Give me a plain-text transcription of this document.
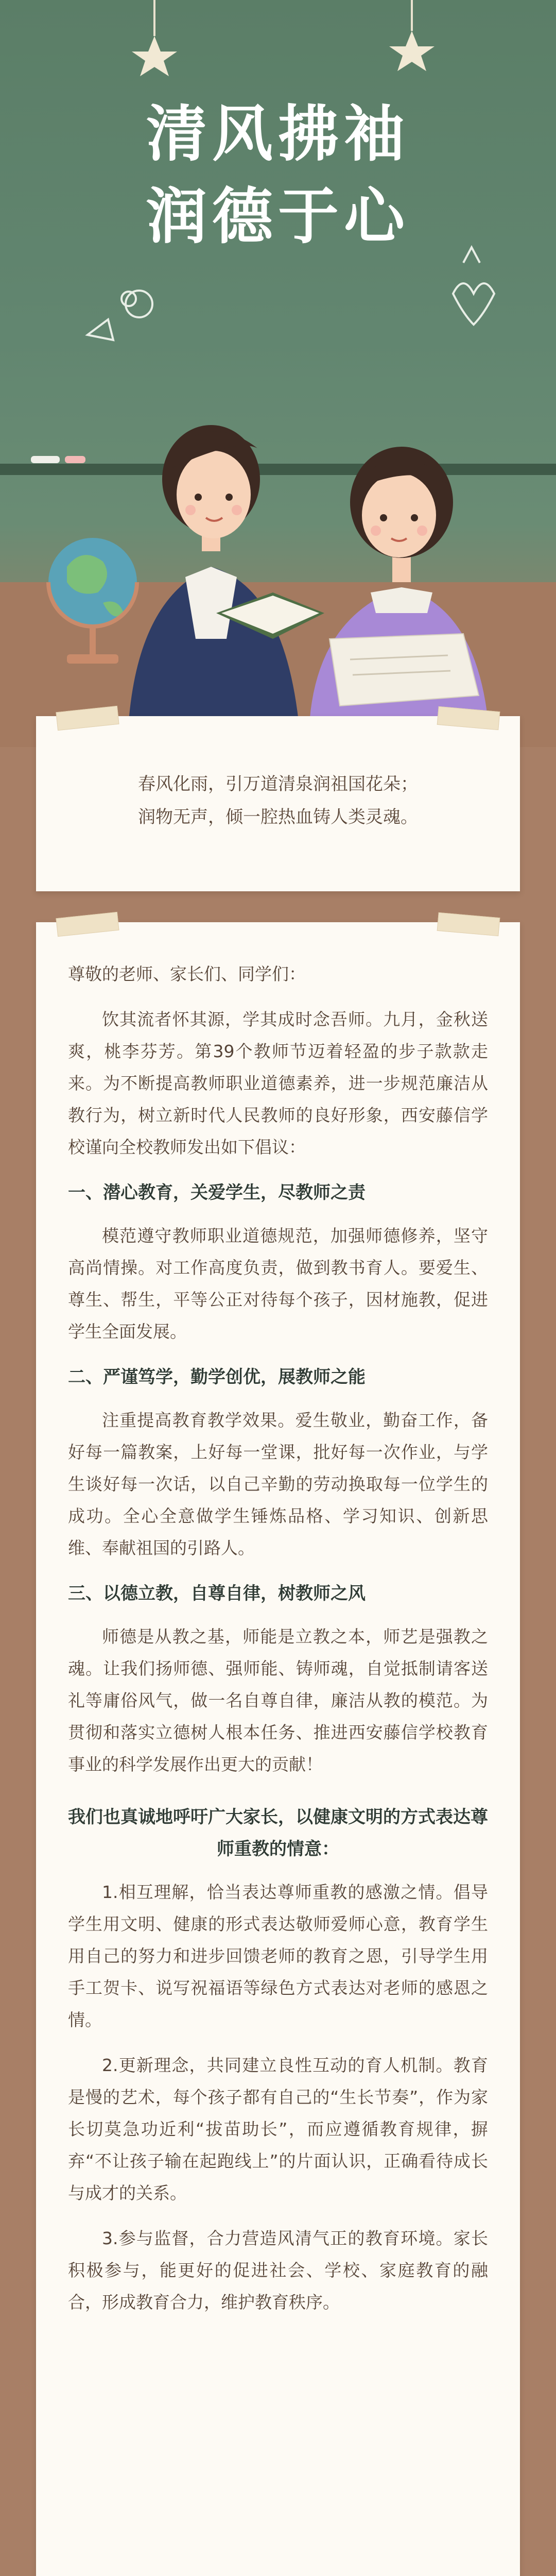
清风拂袖
润德于心

春风化雨，引万道清泉润祖国花朵；

润物无声，倾一腔热血铸人类灵魂。

尊敬的老师、家长们、同学们：

饮其流者怀其源，学其成时念吾师。九月，金秋送爽，桃李芬芳。第39个教师节迈着轻盈的步子款款走来。为不断提高教师职业道德素养，进一步规范廉洁从教行为，树立新时代人民教师的良好形象，西安藤信学校谨向全校教师发出如下倡议：

一、潜心教育，关爱学生，尽教师之责

模范遵守教师职业道德规范，加强师德修养，坚守高尚情操。对工作高度负责，做到教书育人。要爱生、尊生、帮生，平等公正对待每个孩子，因材施教，促进学生全面发展。

二、严谨笃学，勤学创优，展教师之能

注重提高教育教学效果。爱生敬业，勤奋工作，备好每一篇教案，上好每一堂课，批好每一次作业，与学生谈好每一次话，以自己辛勤的劳动换取每一位学生的成功。全心全意做学生锤炼品格、学习知识、创新思维、奉献祖国的引路人。

三、以德立教，自尊自律，树教师之风

师德是从教之基，师能是立教之本，师艺是强教之魂。让我们扬师德、强师能、铸师魂，自觉抵制请客送礼等庸俗风气，做一名自尊自律，廉洁从教的模范。为贯彻和落实立德树人根本任务、推进西安藤信学校教育事业的科学发展作出更大的贡献！

我们也真诚地呼吁广大家长，以健康文明的方式表达尊师重教的情意：

1.相互理解，恰当表达尊师重教的感激之情。倡导学生用文明、健康的形式表达敬师爱师心意，教育学生用自己的努力和进步回馈老师的教育之恩，引导学生用手工贺卡、说写祝福语等绿色方式表达对老师的感恩之情。

2.更新理念，共同建立良性互动的育人机制。教育是慢的艺术，每个孩子都有自己的“生长节奏”，作为家长切莫急功近利“拔苗助长”，而应遵循教育规律，摒弃“不让孩子输在起跑线上”的片面认识，正确看待成长与成才的关系。

3.参与监督，合力营造风清气正的教育环境。家长积极参与，能更好的促进社会、学校、家庭教育的融合，形成教育合力，维护教育秩序。
